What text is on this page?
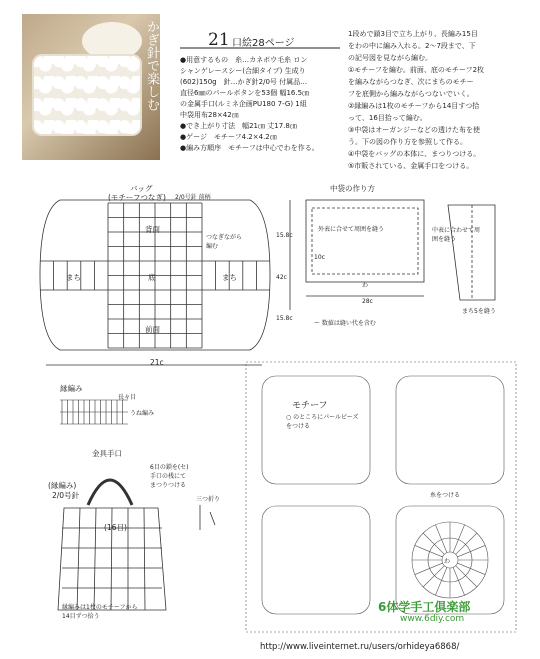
かぎ針で楽しむ	21 口絵28ページ
●用意するもの　糸…カネボウ毛糸 ロン
シャンゲレースシー(合細タイプ) 生成り
(602)150g　針…かぎ針2/0号 付属品…
直径6㎜のパールボタンを53個 幅16.5㎝
の金属手口(ルミネ企画PU180 7-G) 1組
中袋用布28×42㎝
●でき上がり寸法　幅21㎝ 丈17.8㎝
●ゲージ　モチーフ4.2×4.2㎝
●編み方順序　モチーフは中心でわを作る。
1段めで鎖3目で立ち上がり、長編み15目
をわの中に編み入れる。2〜7段まで、下
の記号図を見ながら編む。
①モチーフを編む。前面、底のモチーフ2枚
を編みながらつなぎ、次にまちのモチー
フを底側から編みながらつないでいく。
②縁編みは1枚のモチーフから14目すつ拾
って、16目拾って編む。
③中袋はオーガンジーなどの透けた布を使
う。下の図の作り方を参照して作る。
④中袋をバッグの本体に、まつりつける。
⑤市販されている、金属手口をつける。
バッグ
(モチーフつなぎ) 2/0号針 前柄
背面
底
前面
まち	まち
つなぎながら
編む
21c
縁編み
うね編み
長々目
金具手口
(縁編み)
2/0号針
(16目)
6目の鎖を(セ)
手口の桟にて
まつりつける
三つ折り
縁編みは1枚のモチーフから
14目ずつ拾う
中袋の作り方
外表に合せて周囲を縫う
15.8c
15.8c
42c
28c
10c
わ
ー 数値は縫い代を含む
中表に合わせて周囲を縫う
まち5を縫う
モチーフ
○ のところにパールビーズ
をつける
わ
糸をつける
6体学手工俱楽部
www.6diy.com
http://www.liveinternet.ru/users/orhideya6868/
